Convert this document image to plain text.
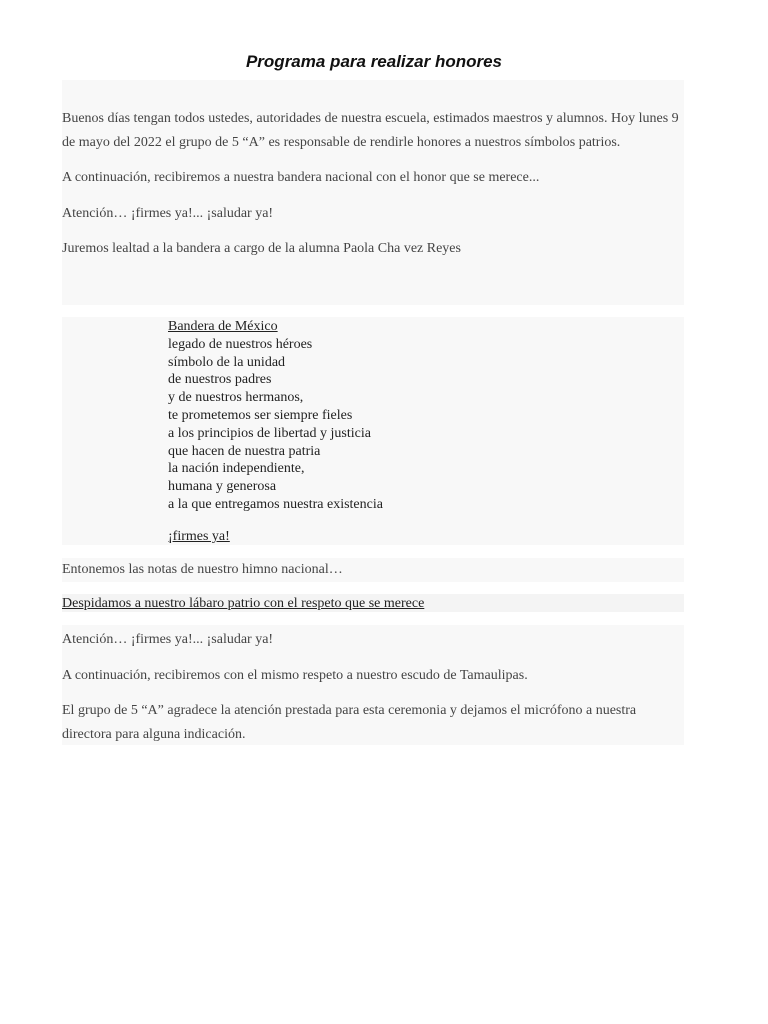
Programa para realizar honores

Buenos días tengan todos ustedes, autoridades de nuestra escuela, estimados maestros y alumnos. Hoy lunes 9 de mayo del 2022 el grupo de 5 “A” es responsable de rendirle honores a nuestros símbolos patrios.

A continuación, recibiremos a nuestra bandera nacional con el honor que se merece...

Atención… ¡firmes ya!... ¡saludar ya!

Juremos lealtad a la bandera a cargo de la alumna Paola Cha vez Reyes

Bandera de México

legado de nuestros héroes

símbolo de la unidad

de nuestros padres

y de nuestros hermanos,

te prometemos ser siempre fieles

a los principios de libertad y justicia

que hacen de nuestra patria

la nación independiente,

humana y generosa

a la que entregamos nuestra existencia

¡firmes ya!

Entonemos las notas de nuestro himno nacional…

Despidamos a nuestro lábaro patrio con el respeto que se merece

Atención… ¡firmes ya!... ¡saludar ya!

A continuación, recibiremos con el mismo respeto a nuestro escudo de Tamaulipas.

El grupo de 5 “A” agradece la atención prestada para esta ceremonia y dejamos el micrófono a nuestra directora para alguna indicación.
